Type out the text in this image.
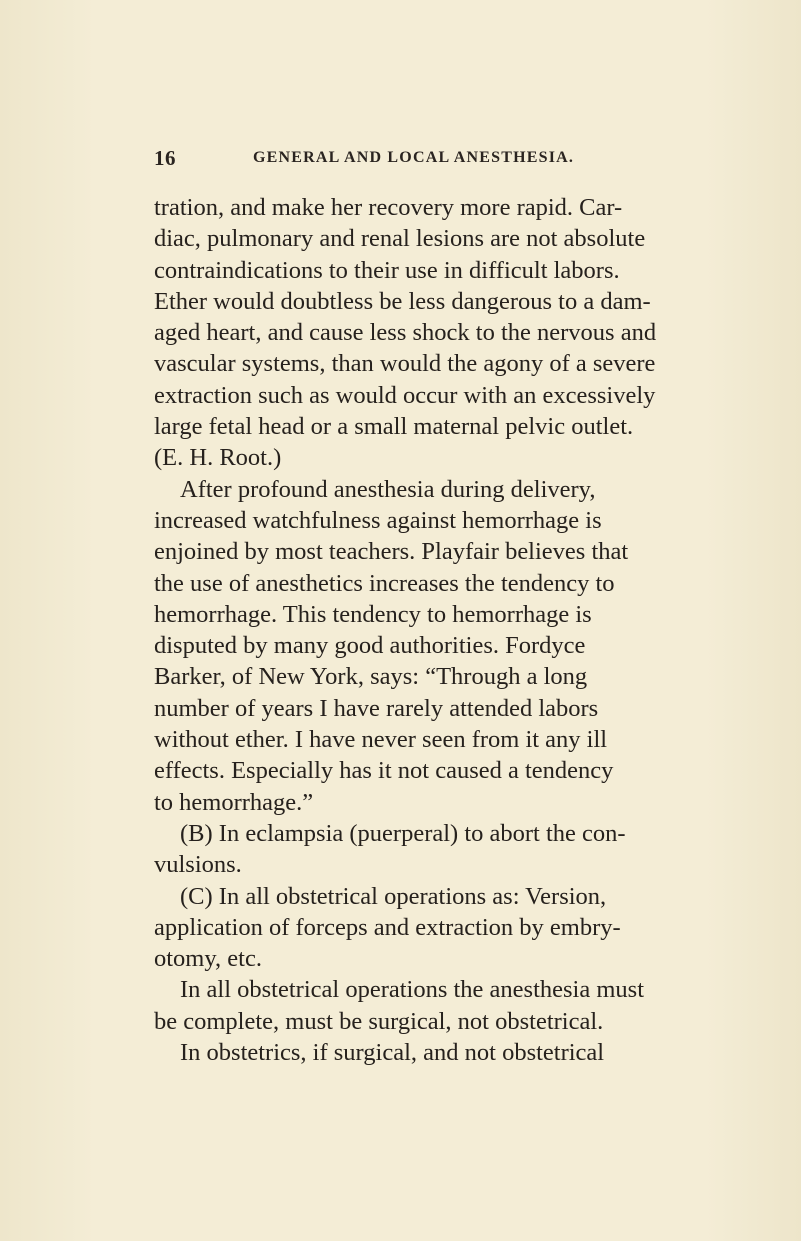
16	GENERAL AND LOCAL ANESTHESIA.
tration, and make her recovery more rapid. Car-
diac, pulmonary and renal lesions are not absolute
contraindications to their use in difficult labors.
Ether would doubtless be less dangerous to a dam-
aged heart, and cause less shock to the nervous and
vascular systems, than would the agony of a severe
extraction such as would occur with an excessively
large fetal head or a small maternal pelvic outlet.
(E. H. Root.)
After profound anesthesia during delivery,
increased watchfulness against hemorrhage is
enjoined by most teachers. Playfair believes that
the use of anesthetics increases the tendency to
hemorrhage. This tendency to hemorrhage is
disputed by many good authorities. Fordyce
Barker, of New York, says: “Through a long
number of years I have rarely attended labors
without ether. I have never seen from it any ill
effects. Especially has it not caused a tendency
to hemorrhage.”
(B) In eclampsia (puerperal) to abort the con-
vulsions.
(C) In all obstetrical operations as: Version,
application of forceps and extraction by embry-
otomy, etc.
In all obstetrical operations the anesthesia must
be complete, must be surgical, not obstetrical.
In obstetrics, if surgical, and not obstetrical
